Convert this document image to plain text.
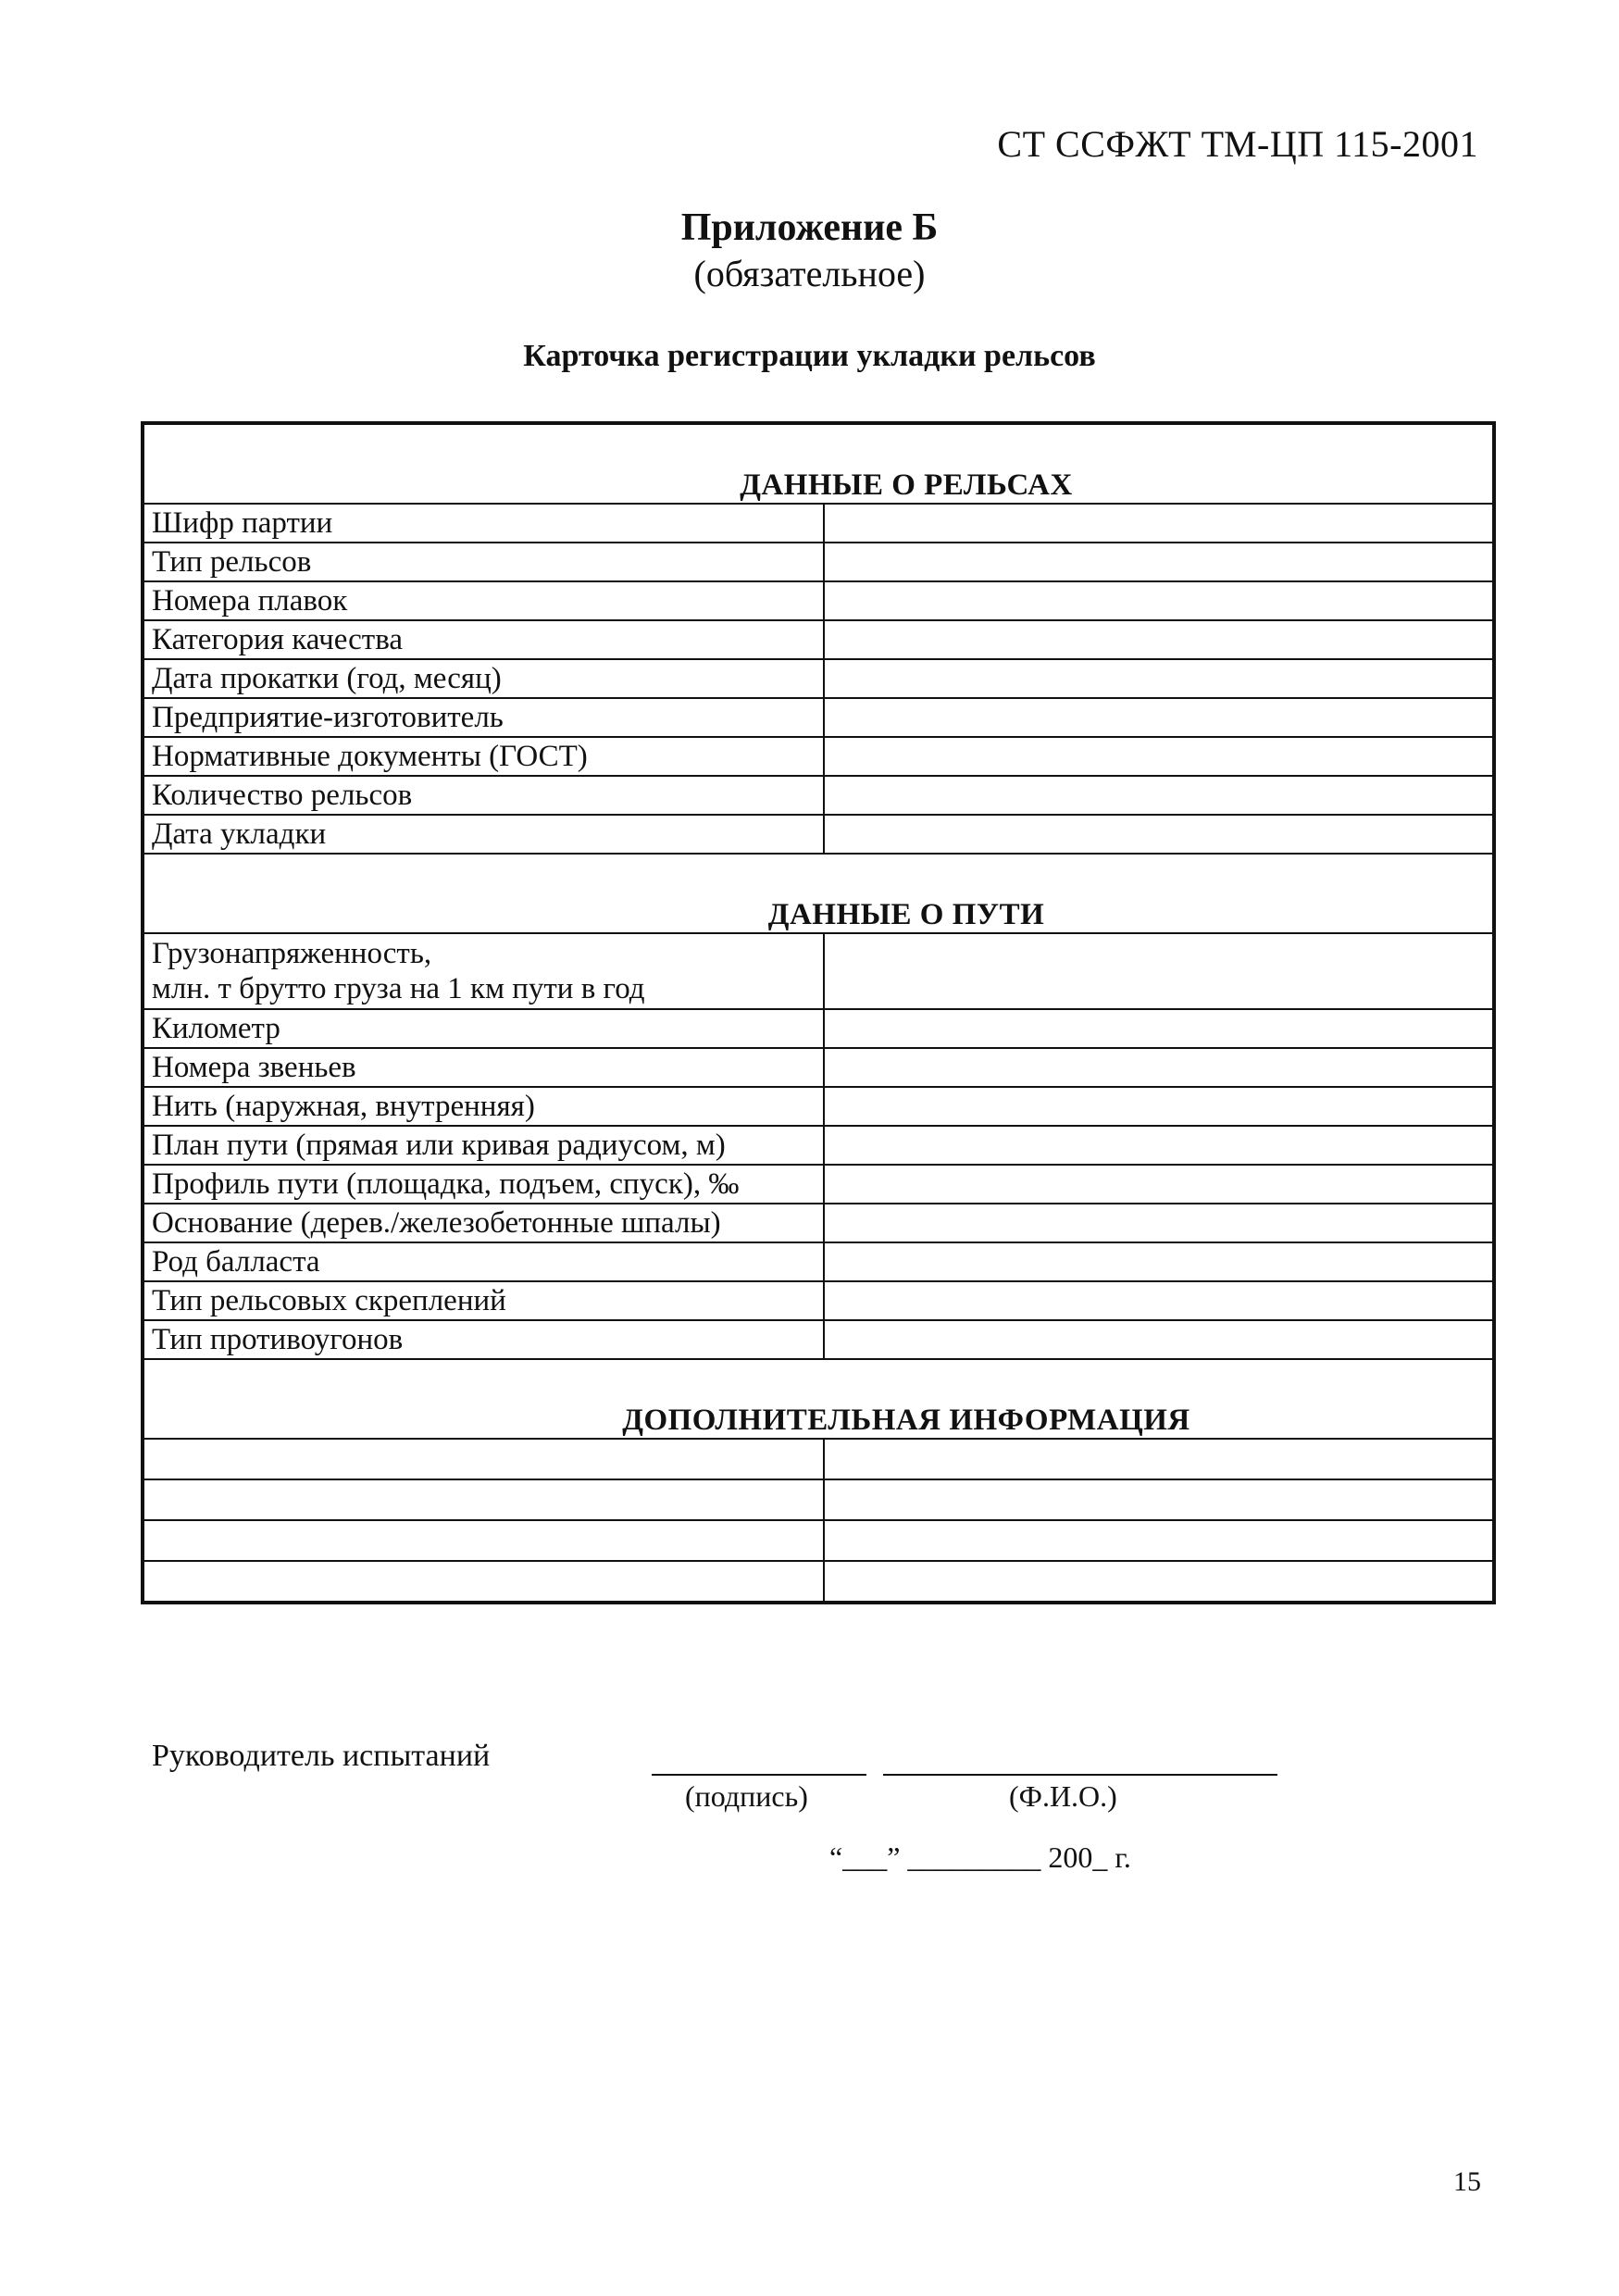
СТ ССФЖТ ТМ-ЦП 115-2001
Приложение Б
(обязательное)
Карточка регистрации укладки рельсов
ДАННЫЕ О РЕЛЬСАХ	
Шифр партии	
Тип рельсов	
Номера плавок	
Категория качества	
Дата прокатки (год, месяц)	
Предприятие-изготовитель	
Нормативные документы (ГОСТ)	
Количество рельсов	
Дата укладки	
ДАННЫЕ О ПУТИ	

Грузонапряженность,
млн. т брутто груза на 1 км пути в год	

Километр	
Номера звеньев	
Нить (наружная, внутренняя)	
План пути (прямая или кривая радиусом, м)	
Профиль пути (площадка, подъем, спуск), ‰	
Основание (дерев./железобетонные шпалы)	
Род балласта	
Тип рельсовых скреплений	
Тип противоугонов	
ДОПОЛНИТЕЛЬНАЯ ИНФОРМАЦИЯ	

Руководитель испытаний
(подпись)	(Ф.И.О.)
“___” _________ 200_ г.
15
